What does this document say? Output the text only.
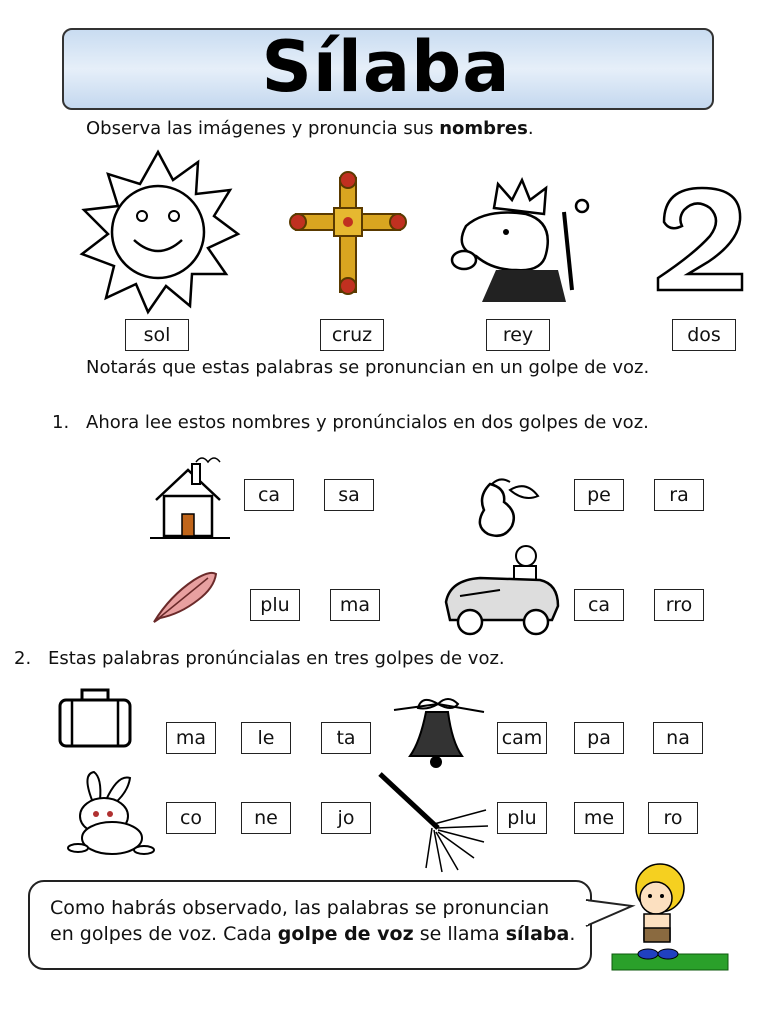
Sílaba
Observa las imágenes y pronuncia sus nombres.
sol	cruz	rey	dos
Notarás que estas palabras se pronuncian en un golpe de voz.
1. Ahora lee estos nombres y pronúncialos en dos golpes de voz.
ca	sa	pe	ra
plu	ma	ca	rro
2. Estas palabras pronúncialas en tres golpes de voz.
ma	le	ta	cam	pa	na
co	ne	jo	plu	me	ro
Como habrás observado, las palabras se pronuncian
en golpes de voz. Cada golpe de voz se llama sílaba.
